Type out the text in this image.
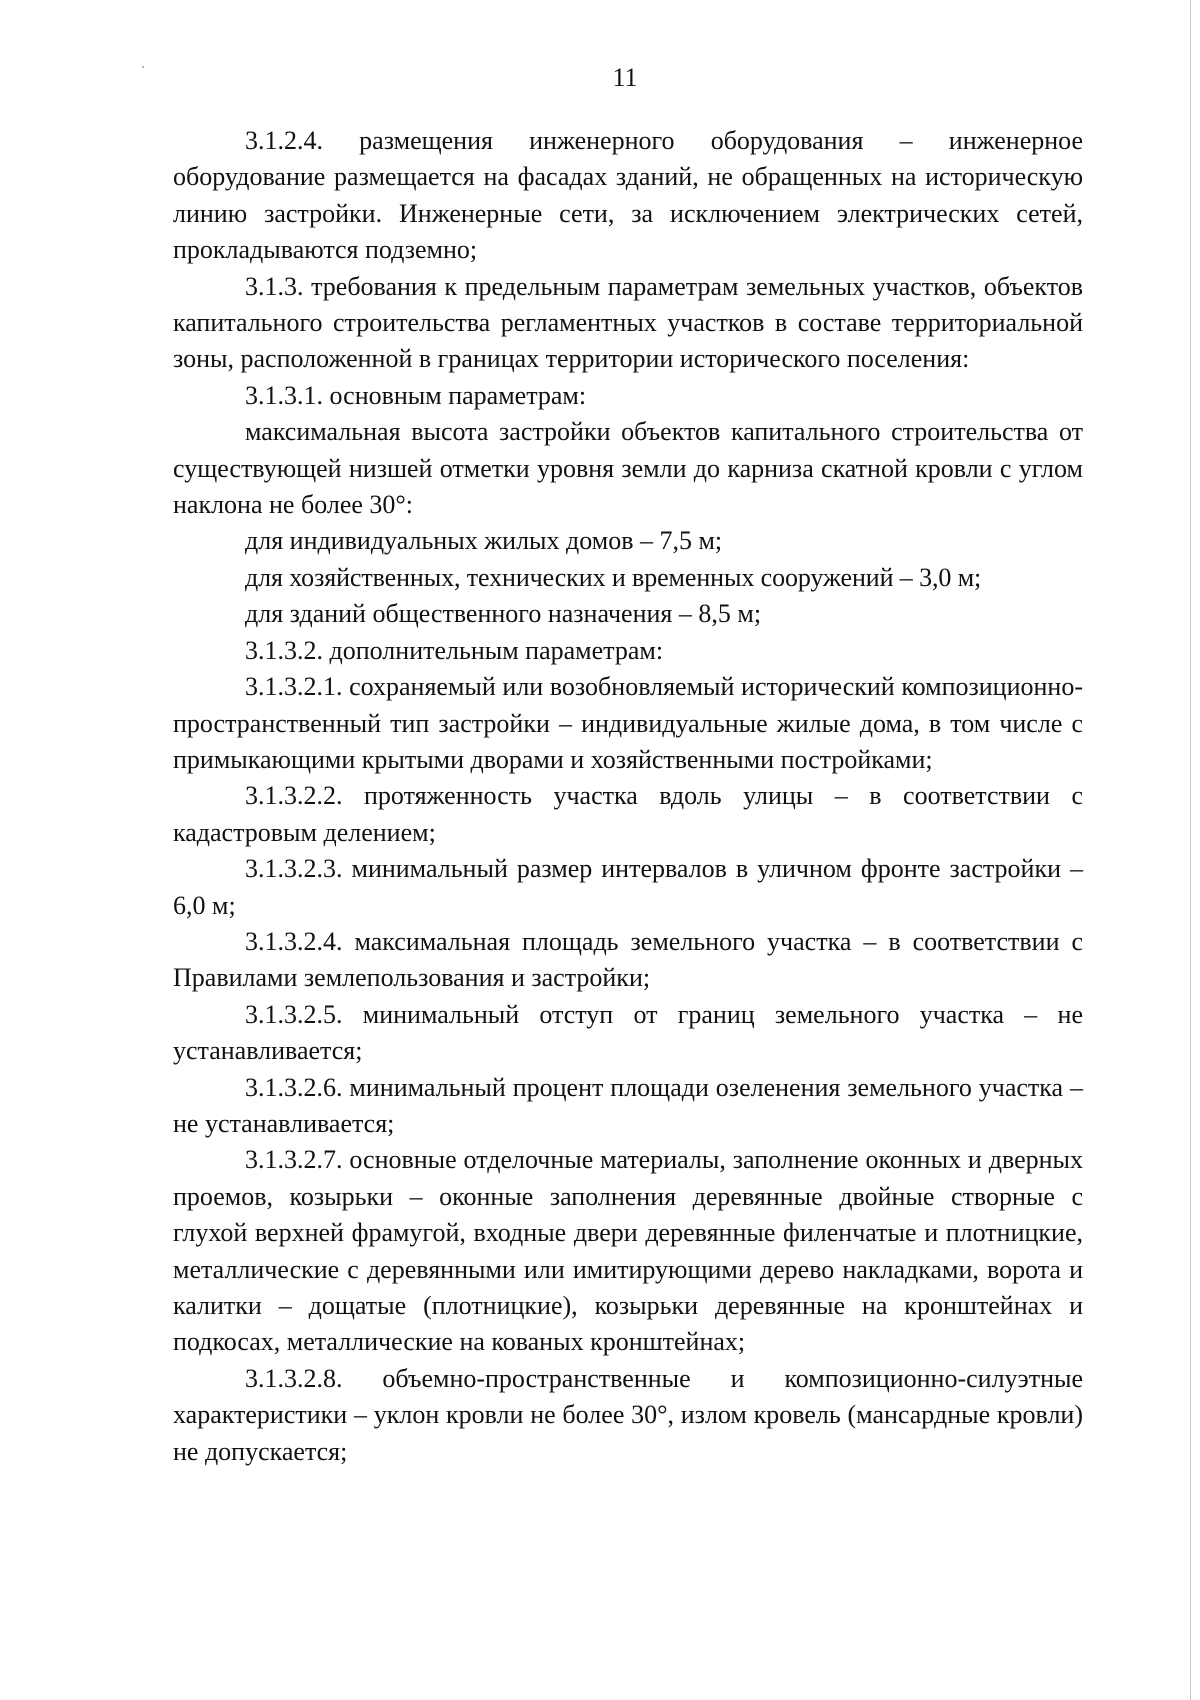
11

3.1.2.4. размещения инженерного оборудования – инженерное оборудование размещается на фасадах зданий, не обращенных на историческую линию застройки. Инженерные сети, за исключением электрических сетей, прокладываются подземно;

3.1.3. требования к предельным параметрам земельных участков, объектов капитального строительства регламентных участков в составе территориальной зоны, расположенной в границах территории исторического поселения:

3.1.3.1. основным параметрам:

максимальная высота застройки объектов капитального строительства от существующей низшей отметки уровня земли до карниза скатной кровли с углом наклона не более 30°:

для индивидуальных жилых домов – 7,5 м;

для хозяйственных, технических и временных сооружений – 3,0 м;

для зданий общественного назначения – 8,5 м;

3.1.3.2. дополнительным параметрам:

3.1.3.2.1. сохраняемый или возобновляемый исторический композиционно-пространственный тип застройки – индивидуальные жилые дома, в том числе с примыкающими крытыми дворами и хозяйственными постройками;

3.1.3.2.2. протяженность участка вдоль улицы – в соответствии с кадастровым делением;

3.1.3.2.3. минимальный размер интервалов в уличном фронте застройки – 6,0 м;

3.1.3.2.4. максимальная площадь земельного участка – в соответствии с Правилами землепользования и застройки;

3.1.3.2.5. минимальный отступ от границ земельного участка – не устанавливается;

3.1.3.2.6. минимальный процент площади озеленения земельного участка – не устанавливается;

3.1.3.2.7. основные отделочные материалы, заполнение оконных и дверных проемов, козырьки – оконные заполнения деревянные двойные створные с глухой верхней фрамугой, входные двери деревянные филенчатые и плотницкие, металлические с деревянными или имитирующими дерево накладками, ворота и калитки – дощатые (плотницкие), козырьки деревянные на кронштейнах и подкосах, металлические на кованых кронштейнах;

3.1.3.2.8. объемно-пространственные и композиционно-силуэтные характеристики – уклон кровли не более 30°, излом кровель (мансардные кровли) не допускается;
